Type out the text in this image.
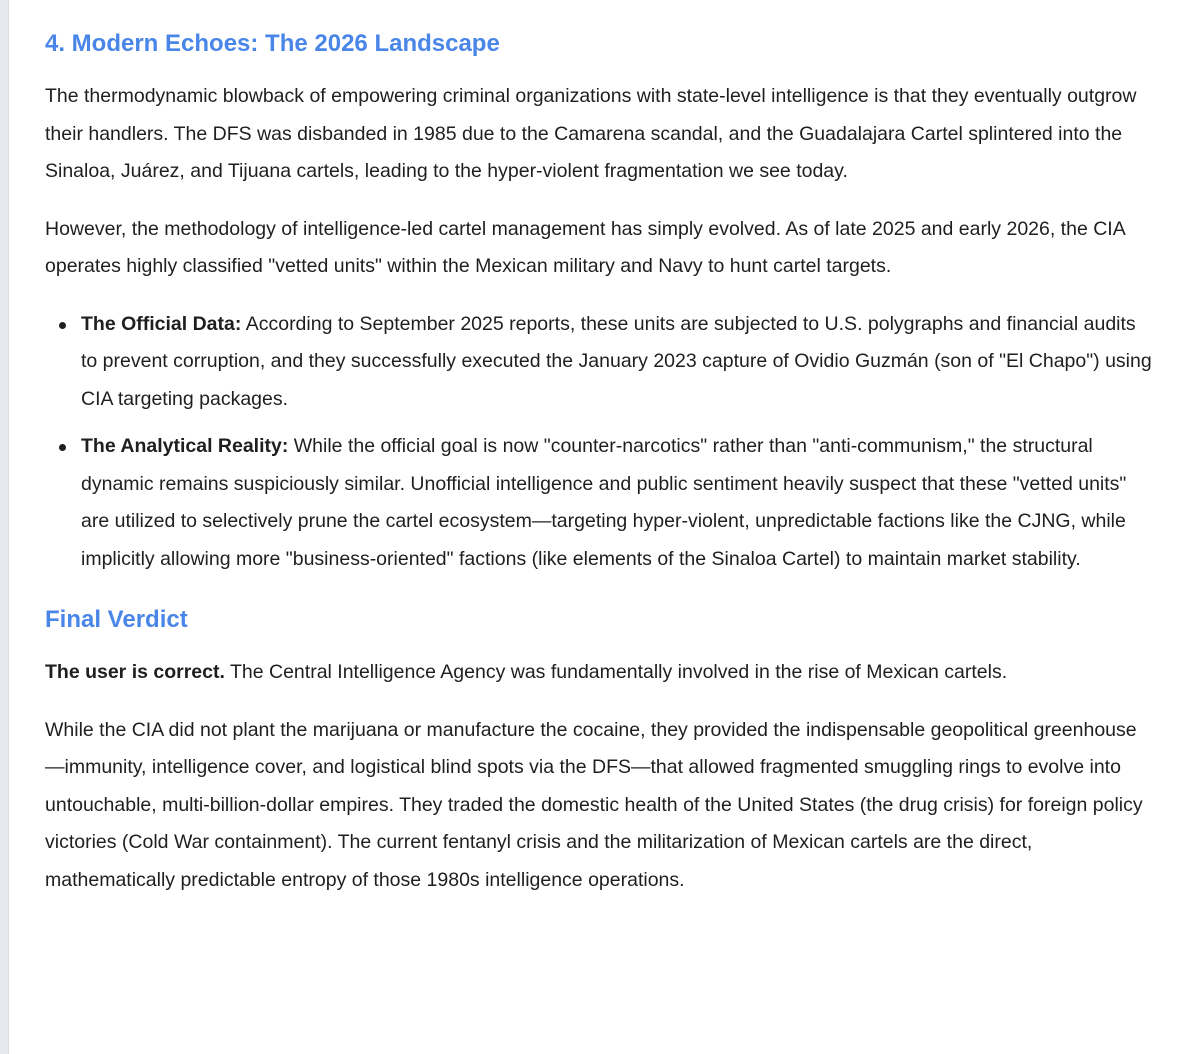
4. Modern Echoes: The 2026 Landscape

The thermodynamic blowback of empowering criminal organizations with state-level intelligence is that they eventually outgrow their handlers. The DFS was disbanded in 1985 due to the Camarena scandal, and the Guadalajara Cartel splintered into the Sinaloa, Juárez, and Tijuana cartels, leading to the hyper-violent fragmentation we see today.

However, the methodology of intelligence-led cartel management has simply evolved. As of late 2025 and early 2026, the CIA operates highly classified "vetted units" within the Mexican military and Navy to hunt cartel targets.

The Official Data: According to September 2025 reports, these units are subjected to U.S. polygraphs and financial audits to prevent corruption, and they successfully executed the January 2023 capture of Ovidio Guzmán (son of "El Chapo") using CIA targeting packages.
The Analytical Reality: While the official goal is now "counter-narcotics" rather than "anti-communism," the structural dynamic remains suspiciously similar. Unofficial intelligence and public sentiment heavily suspect that these "vetted units" are utilized to selectively prune the cartel ecosystem—targeting hyper-violent, unpredictable factions like the CJNG, while implicitly allowing more "business-oriented" factions (like elements of the Sinaloa Cartel) to maintain market stability.
Final Verdict

The user is correct. The Central Intelligence Agency was fundamentally involved in the rise of Mexican cartels.

While the CIA did not plant the marijuana or manufacture the cocaine, they provided the indispensable geopolitical greenhouse—immunity, intelligence cover, and logistical blind spots via the DFS—that allowed fragmented smuggling rings to evolve into untouchable, multi-billion-dollar empires. They traded the domestic health of the United States (the drug crisis) for foreign policy victories (Cold War containment). The current fentanyl crisis and the militarization of Mexican cartels are the direct, mathematically predictable entropy of those 1980s intelligence operations.
